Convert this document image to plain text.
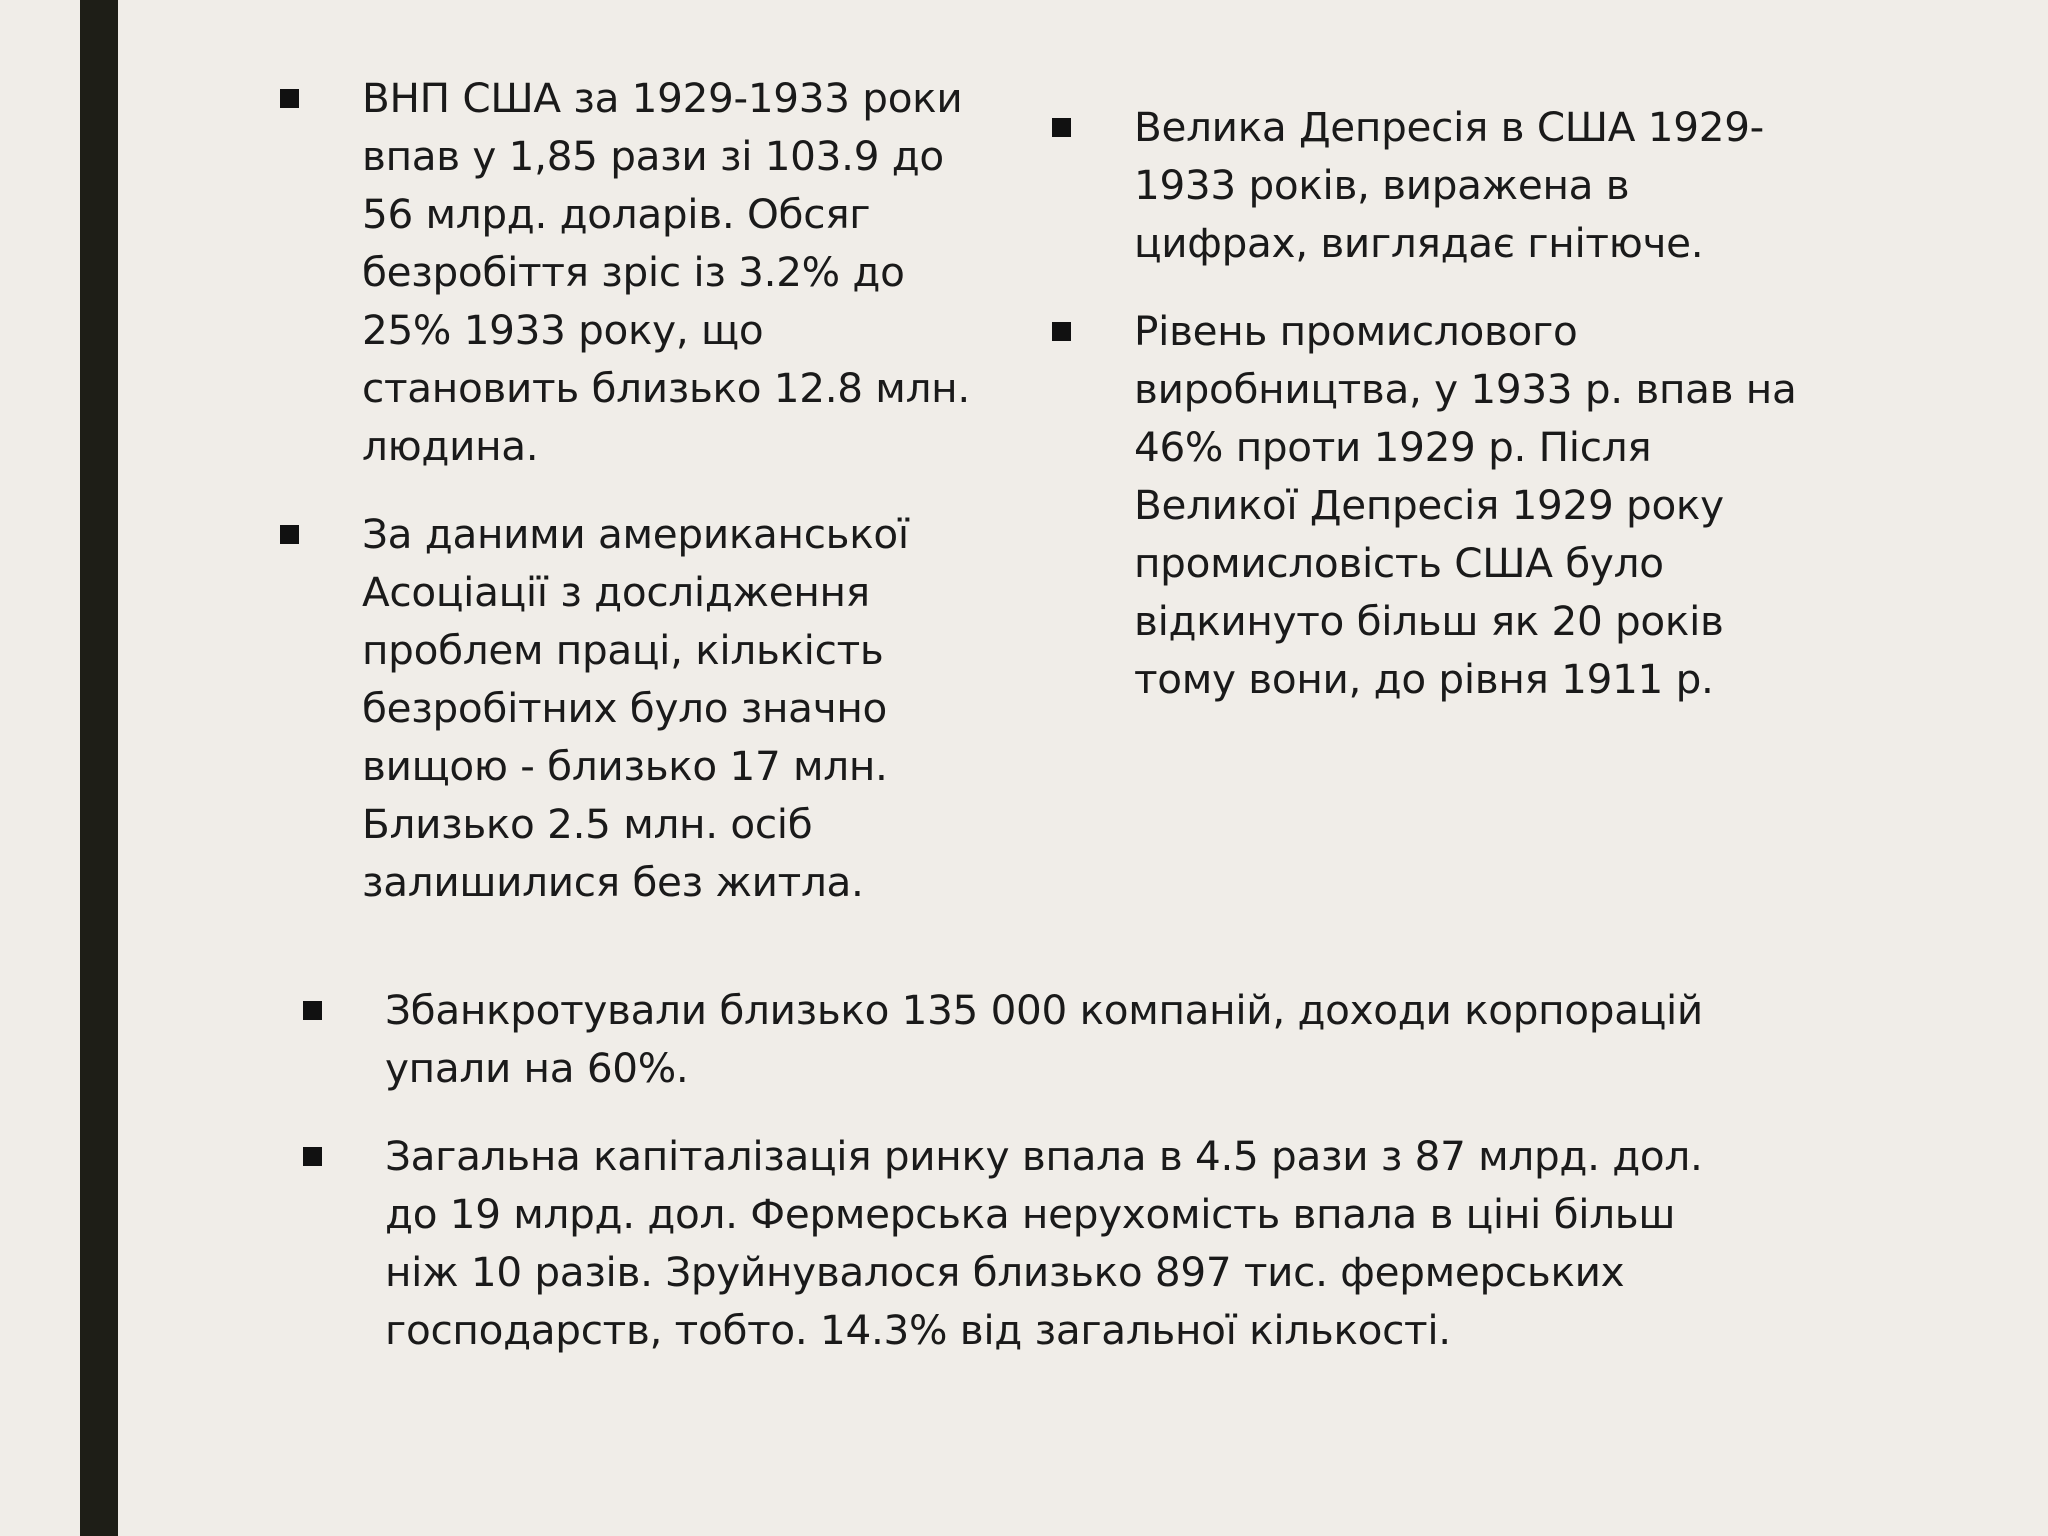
ВНП США за 1929-1933 роки впав у 1,85 рази зі 103.9 до 56 млрд. доларів. Обсяг безробіття зріс із 3.2% до 25% 1933 року, що становить близько 12.8 млн. людина.
За даними американської Асоціації з дослідження проблем праці, кількість безробітних було значно вищою - близько 17 млн. Близько 2.5 млн. осіб залишилися без житла.
Велика Депресія в США 1929-1933 років, виражена в цифрах, виглядає гнітюче.
Рівень промислового виробництва, у 1933 р. впав на 46% проти 1929 р. Після Великої Депресія 1929 року промисловість США було відкинуто більш як 20 років тому вони, до рівня 1911 р.
Збанкротували близько 135 000 компаній, доходи корпорацій упали на 60%.
Загальна капіталізація ринку впала в 4.5 рази з 87 млрд. дол. до 19 млрд. дол. Фермерська нерухомість впала в ціні більш ніж 10 разів. Зруйнувалося близько 897 тис. фермерських господарств, тобто. 14.3% від загальної кількості.
